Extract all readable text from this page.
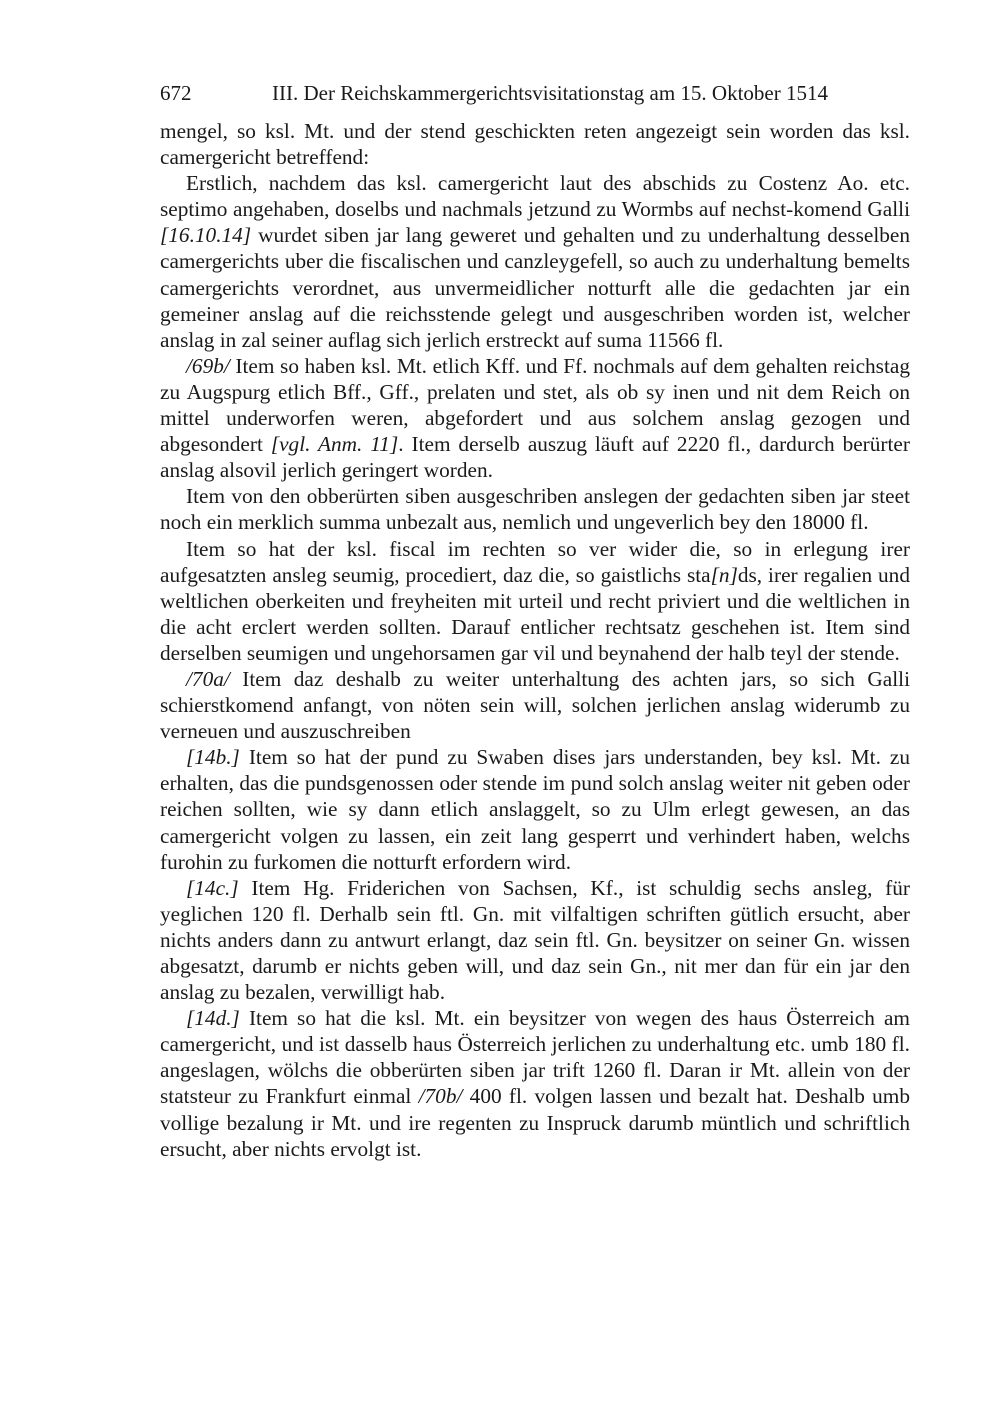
672	III. Der Reichskammergerichtsvisitationstag am 15. Oktober 1514

mengel, so ksl. Mt. und der stend geschickten reten angezeigt sein worden das ksl. camergericht betreffend:

Erstlich, nachdem das ksl. camergericht laut des abschids zu Costenz Ao. etc. septimo angehaben, doselbs und nachmals jetzund zu Wormbs auf nechst-komend Galli [16.10.14] wurdet siben jar lang geweret und gehalten und zu underhaltung desselben camergerichts uber die fiscalischen und canzleygefell, so auch zu underhaltung bemelts camergerichts verordnet, aus unvermeidlicher notturft alle die gedachten jar ein gemeiner anslag auf die reichsstende gelegt und ausgeschriben worden ist, welcher anslag in zal seiner auflag sich jerlich erstreckt auf suma 11566 fl.

/69b/ Item so haben ksl. Mt. etlich Kff. und Ff. nochmals auf dem gehalten reichstag zu Augspurg etlich Bff., Gff., prelaten und stet, als ob sy inen und nit dem Reich on mittel underworfen weren, abgefordert und aus solchem anslag gezogen und abgesondert [vgl. Anm. 11]. Item derselb auszug läuft auf 2220 fl., dardurch berürter anslag alsovil jerlich geringert worden.

Item von den obberürten siben ausgeschriben anslegen der gedachten siben jar steet noch ein merklich summa unbezalt aus, nemlich und ungeverlich bey den 18000 fl.

Item so hat der ksl. fiscal im rechten so ver wider die, so in erlegung irer aufgesatzten ansleg seumig, procediert, daz die, so gaistlichs sta[n]ds, irer regalien und weltlichen oberkeiten und freyheiten mit urteil und recht priviert und die weltlichen in die acht erclert werden sollten. Darauf entlicher rechtsatz geschehen ist. Item sind derselben seumigen und ungehorsamen gar vil und beynahend der halb teyl der stende.

/70a/ Item daz deshalb zu weiter unterhaltung des achten jars, so sich Galli schierstkomend anfangt, von nöten sein will, solchen jerlichen anslag widerumb zu verneuen und auszuschreiben

[14b.] Item so hat der pund zu Swaben dises jars understanden, bey ksl. Mt. zu erhalten, das die pundsgenossen oder stende im pund solch anslag weiter nit geben oder reichen sollten, wie sy dann etlich anslaggelt, so zu Ulm erlegt gewesen, an das camergericht volgen zu lassen, ein zeit lang gesperrt und verhindert haben, welchs furohin zu furkomen die notturft erfordern wird.

[14c.] Item Hg. Friderichen von Sachsen, Kf., ist schuldig sechs ansleg, für yeglichen 120 fl. Derhalb sein ftl. Gn. mit vilfaltigen schriften gütlich ersucht, aber nichts anders dann zu antwurt erlangt, daz sein ftl. Gn. beysitzer on seiner Gn. wissen abgesatzt, darumb er nichts geben will, und daz sein Gn., nit mer dan für ein jar den anslag zu bezalen, verwilligt hab.

[14d.] Item so hat die ksl. Mt. ein beysitzer von wegen des haus Österreich am camergericht, und ist dasselb haus Österreich jerlichen zu underhaltung etc. umb 180 fl. angeslagen, wölchs die obberürten siben jar trift 1260 fl. Daran ir Mt. allein von der statsteur zu Frankfurt einmal /70b/ 400 fl. volgen lassen und bezalt hat. Deshalb umb vollige bezalung ir Mt. und ire regenten zu Inspruck darumb müntlich und schriftlich ersucht, aber nichts ervolgt ist.
